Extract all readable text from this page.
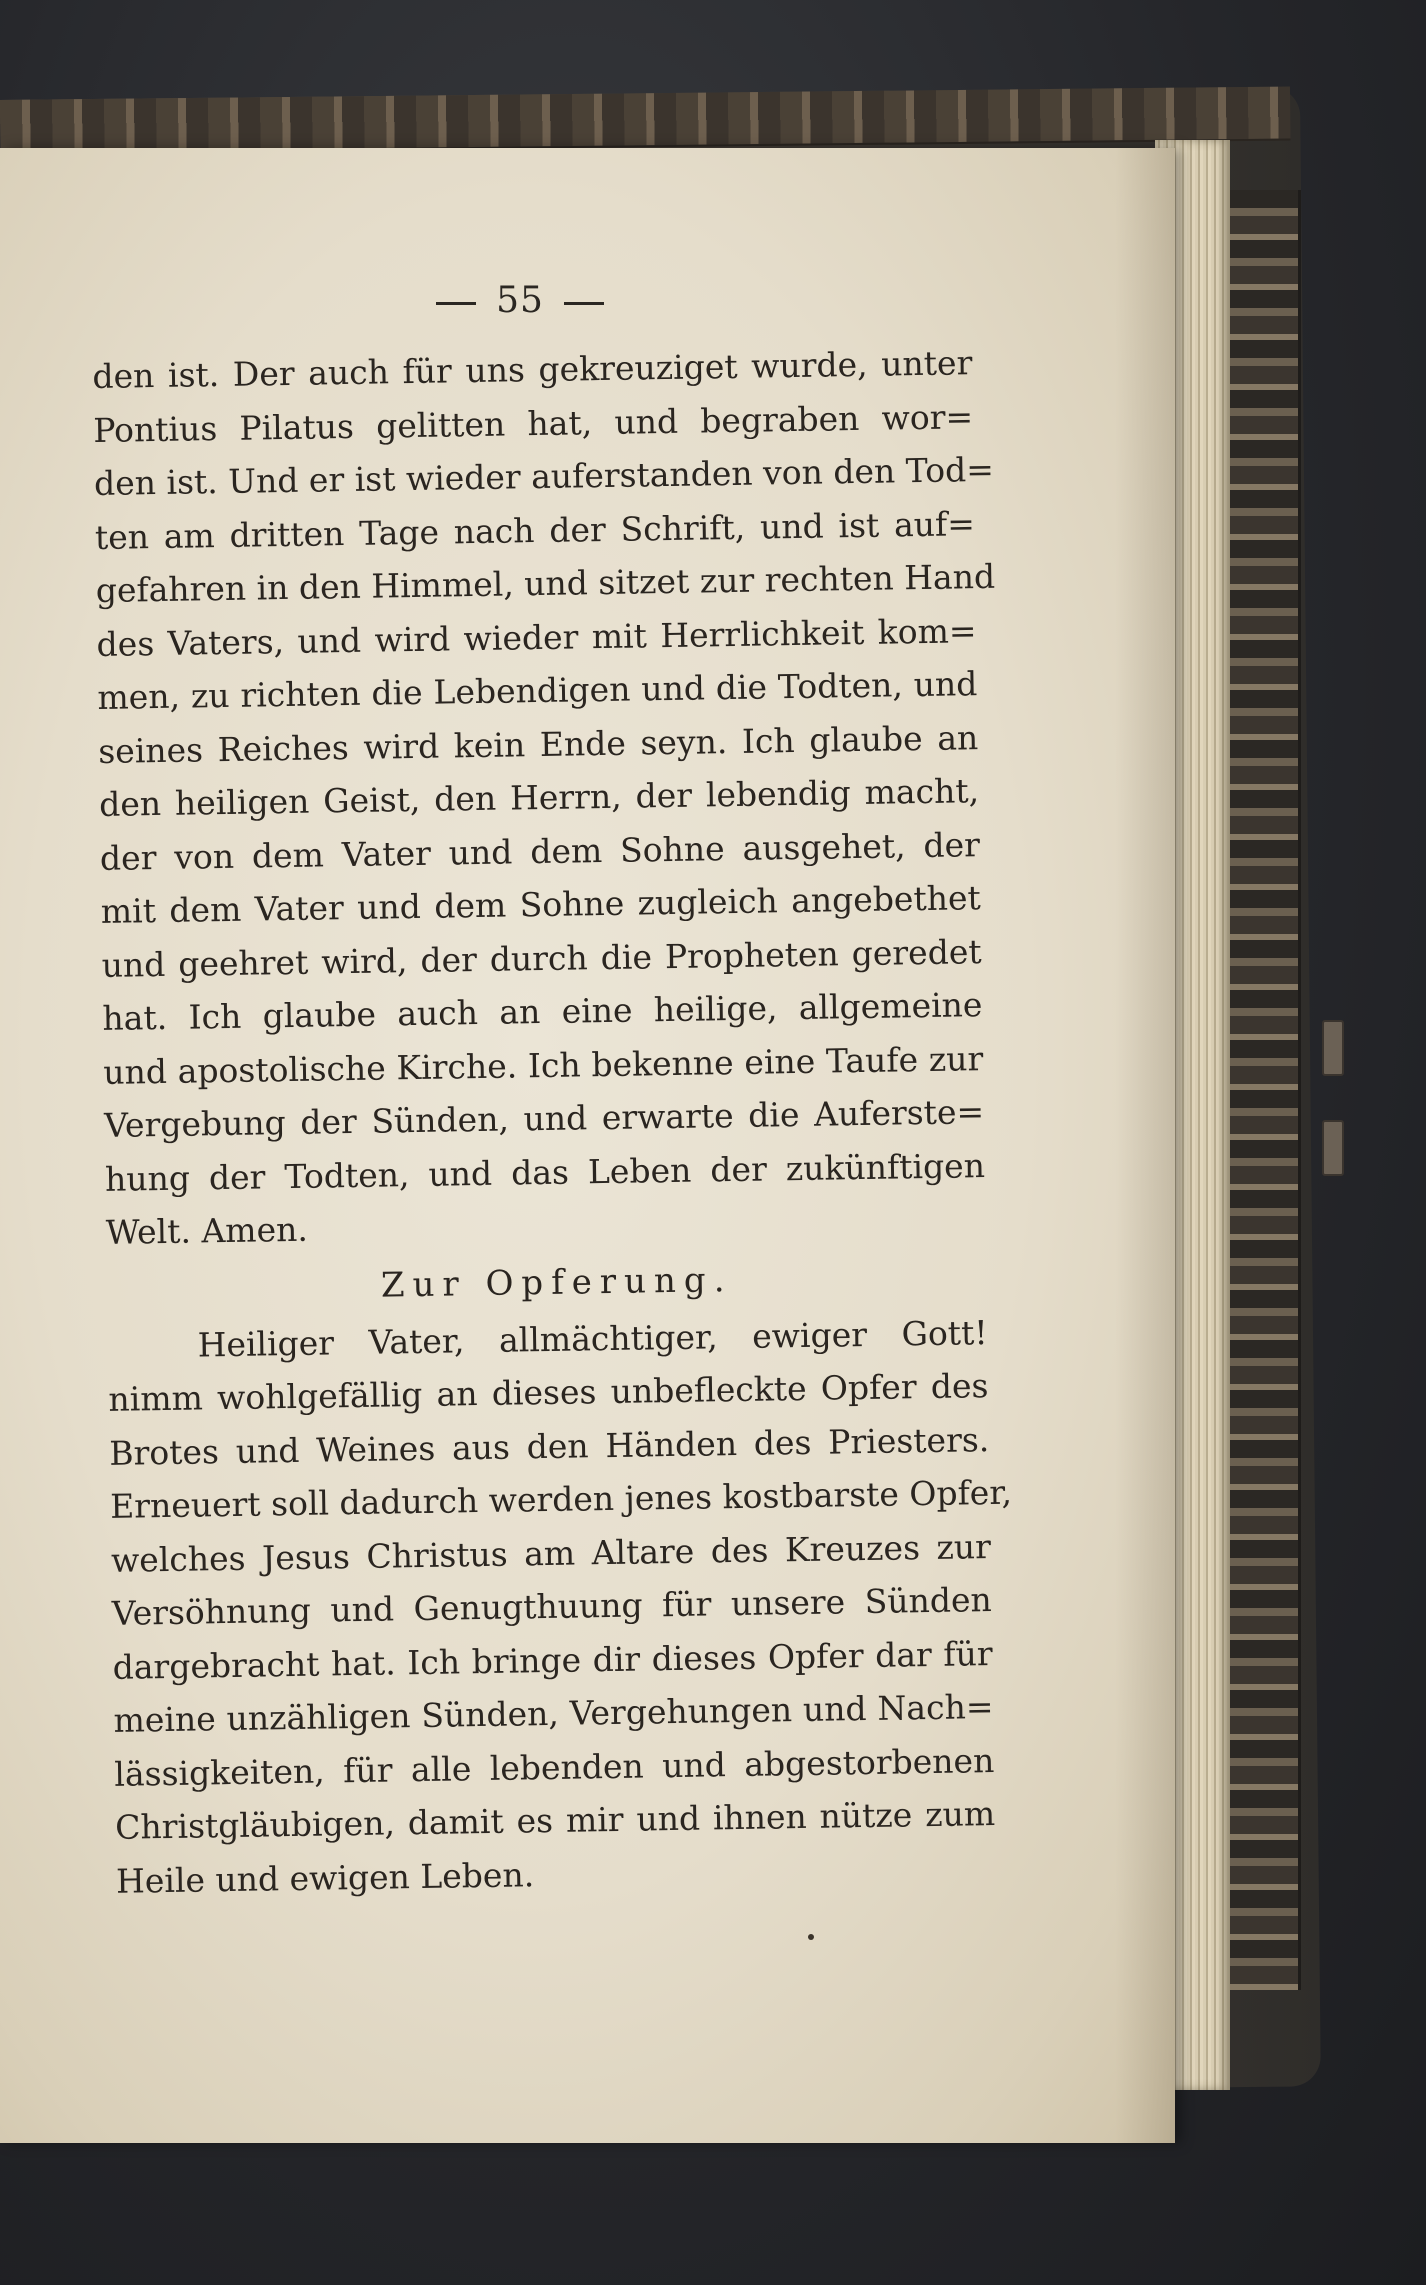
55
den ist. Der auch für uns gekreuziget wurde, unter
Pontius Pilatus gelitten hat, und begraben wor=
den ist. Und er ist wieder auferstanden von den Tod=
ten am dritten Tage nach der Schrift, und ist auf=
gefahren in den Himmel, und sitzet zur rechten Hand
des Vaters, und wird wieder mit Herrlichkeit kom=
men, zu richten die Lebendigen und die Todten, und
seines Reiches wird kein Ende seyn. Ich glaube an
den heiligen Geist, den Herrn, der lebendig macht,
der von dem Vater und dem Sohne ausgehet, der
mit dem Vater und dem Sohne zugleich angebethet
und geehret wird, der durch die Propheten geredet
hat. Ich glaube auch an eine heilige, allgemeine
und apostolische Kirche. Ich bekenne eine Taufe zur
Vergebung der Sünden, und erwarte die Auferste=
hung der Todten, und das Leben der zukünftigen
Welt. Amen.
Zur Opferung.
Heiliger Vater, allmächtiger, ewiger Gott!
nimm wohlgefällig an dieses unbefleckte Opfer des
Brotes und Weines aus den Händen des Priesters.
Erneuert soll dadurch werden jenes kostbarste Opfer,
welches Jesus Christus am Altare des Kreuzes zur
Versöhnung und Genugthuung für unsere Sünden
dargebracht hat. Ich bringe dir dieses Opfer dar für
meine unzähligen Sünden, Vergehungen und Nach=
lässigkeiten, für alle lebenden und abgestorbenen
Christgläubigen, damit es mir und ihnen nütze zum
Heile und ewigen Leben.
